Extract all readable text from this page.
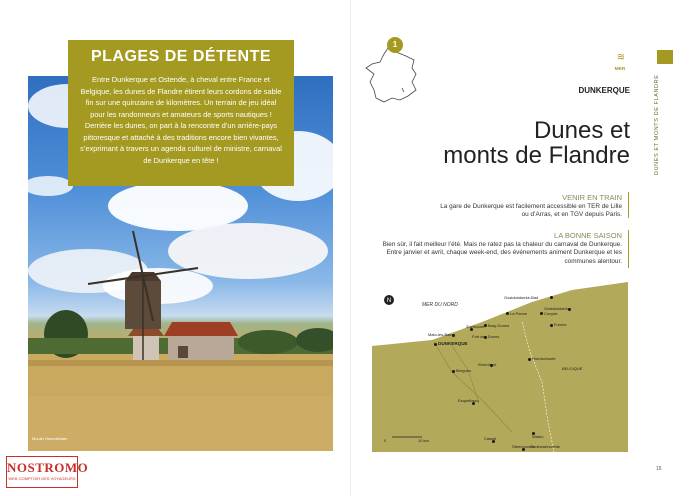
Moulin Hoendeklaer
PLAGES DE DÉTENTE
Entre Dunkerque et Ostende, à cheval entre France et Belgique, les dunes de Flandre étirent leurs cordons de sable fin sur une quinzaine de kilomètres. Un terrain de jeu idéal pour les randonneurs et amateurs de sports nautiques ! Derrière les dunes, on part à la rencontre d’un arrière-pays pittoresque et attaché à des traditions encore bien vivantes, s’exprimant à travers un agenda culturel de ministre, carnaval de Dunkerque en tête !
NOSTROMO
WEB COMPTOIR DES VOYAGEURS
1
DUNES ET MONTS DE FLANDRE
≋
MER
DUNKERQUE
Dunes et
monts de Flandre
VENIR EN TRAIN
La gare de Dunkerque est facilement accessible en TER de Lille ou d’Arras, et en TGV depuis Paris.
LA BONNE SAISON
Bien sûr, il fait meilleur l’été. Mais ne ratez pas la chaleur du carnaval de Dunkerque. Entre janvier et avril, chaque week-end, des événements animent Dunkerque et les communes alentour.
N
MER DU NORD
BELGIQUE
0	10 km
Oostduinkerke-Bad
Oostduinkerke
La Panne	Coxyde
Bray-Dunes
Zuydcoote	Furnes
Malo-les-Bains	Fort des Dunes
DUNKERQUE
Hondschoote
Wormhout
Bergues
Esquelbecq
Cassel	Watou
Steenvoorde
Godewaersvelde
15
